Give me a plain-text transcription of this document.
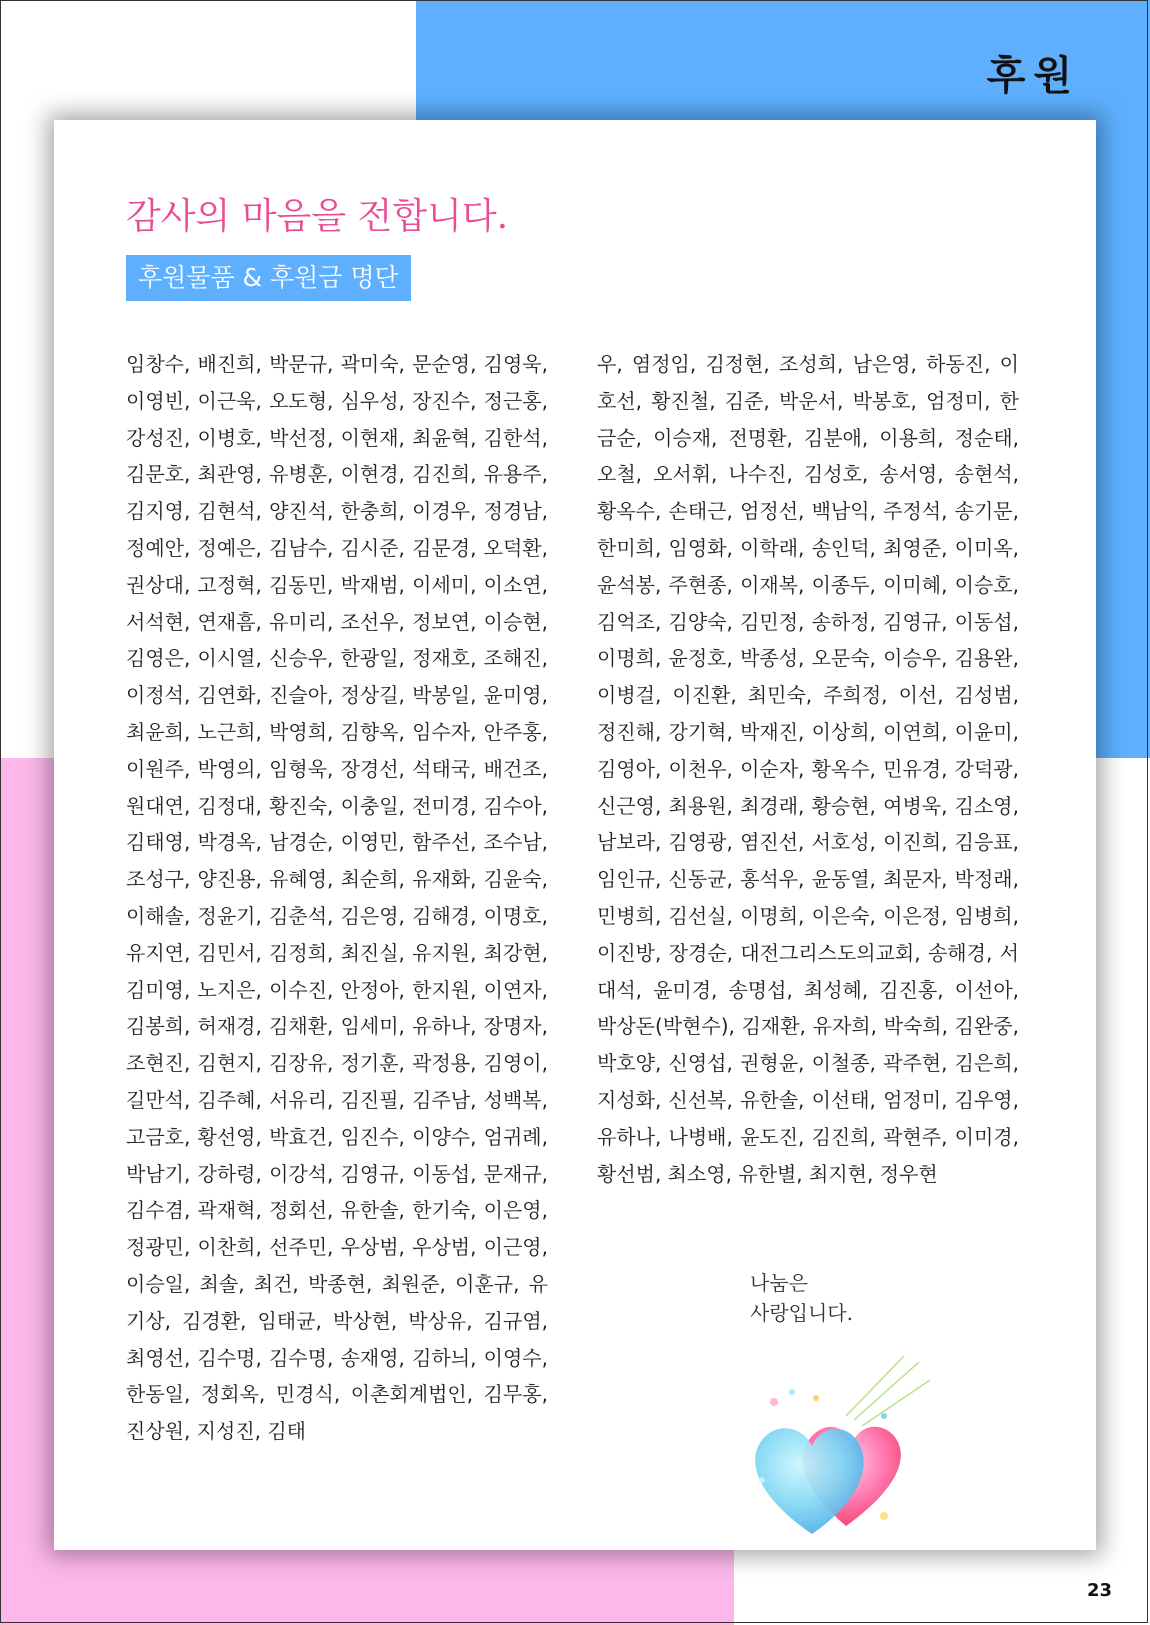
후원
감사의 마음을 전합니다.
후원물품 & 후원금 명단
임창수, 배진희, 박문규, 곽미숙, 문순영, 김영욱, 이영빈, 이근욱, 오도형, 심우성, 장진수, 정근홍, 강성진, 이병호, 박선정, 이현재, 최윤혁, 김한석, 김문호, 최관영, 유병훈, 이현경, 김진희, 유용주, 김지영, 김현석, 양진석, 한충희, 이경우, 정경남, 정예안, 정예은, 김남수, 김시준, 김문경, 오덕환, 권상대, 고정혁, 김동민, 박재범, 이세미, 이소연, 서석현, 연재흠, 유미리, 조선우, 정보연, 이승현, 김영은, 이시열, 신승우, 한광일, 정재호, 조해진, 이정석, 김연화, 진슬아, 정상길, 박봉일, 윤미영, 최윤희, 노근희, 박영희, 김향옥, 임수자, 안주홍, 이원주, 박영의, 임형욱, 장경선, 석태국, 배건조, 원대연, 김정대, 황진숙, 이충일, 전미경, 김수아, 김태영, 박경옥, 남경순, 이영민, 함주선, 조수남, 조성구, 양진용, 유혜영, 최순희, 유재화, 김윤숙, 이해솔, 정윤기, 김춘석, 김은영, 김해경, 이명호, 유지연, 김민서, 김정희, 최진실, 유지원, 최강현, 김미영, 노지은, 이수진, 안정아, 한지원, 이연자, 김봉희, 허재경, 김채환, 임세미, 유하나, 장명자, 조현진, 김현지, 김장유, 정기훈, 곽정용, 김영이, 길만석, 김주혜, 서유리, 김진필, 김주남, 성백복, 고금호, 황선영, 박효건, 임진수, 이양수, 엄귀례, 박남기, 강하령, 이강석, 김영규, 이동섭, 문재규, 김수겸, 곽재혁, 정회선, 유한솔, 한기숙, 이은영, 정광민, 이찬희, 선주민, 우상범, 우상범, 이근영, 이승일, 최솔, 최건, 박종현, 최원준, 이훈규, 유기상, 김경환, 임태균, 박상현, 박상유, 김규염, 최영선, 김수명, 김수명, 송재영, 김하늬, 이영수, 한동일, 정회옥, 민경식, 이촌회계법인, 김무홍, 진상원, 지성진, 김태
우, 염정임, 김정현, 조성희, 남은영, 하동진, 이호선, 황진철, 김준, 박운서, 박봉호, 엄정미, 한금순, 이승재, 전명환, 김분애, 이용희, 정순태, 오철, 오서휘, 나수진, 김성호, 송서영, 송현석, 황옥수, 손태근, 엄정선, 백남익, 주정석, 송기문, 한미희, 임영화, 이학래, 송인덕, 최영준, 이미옥, 윤석봉, 주현종, 이재복, 이종두, 이미혜, 이승호, 김억조, 김양숙, 김민정, 송하정, 김영규, 이동섭, 이명희, 윤정호, 박종성, 오문숙, 이승우, 김용완, 이병걸, 이진환, 최민숙, 주희정, 이선, 김성범, 정진해, 강기혁, 박재진, 이상희, 이연희, 이윤미, 김영아, 이천우, 이순자, 황옥수, 민유경, 강덕광, 신근영, 최용원, 최경래, 황승현, 여병욱, 김소영, 남보라, 김영광, 염진선, 서호성, 이진희, 김응표, 임인규, 신동균, 홍석우, 윤동열, 최문자, 박정래, 민병희, 김선실, 이명희, 이은숙, 이은정, 임병희, 이진방, 장경순, 대전그리스도의교회, 송해경, 서대석, 윤미경, 송명섭, 최성혜, 김진홍, 이선아, 박상돈(박현수), 김재환, 유자희, 박숙희, 김완중, 박호양, 신영섭, 권형윤, 이철종, 곽주현, 김은희, 지성화, 신선복, 유한솔, 이선태, 엄정미, 김우영, 유하나, 나병배, 윤도진, 김진희, 곽현주, 이미경, 황선범, 최소영, 유한별, 최지현, 정우현
나눔은
사랑입니다.
23
